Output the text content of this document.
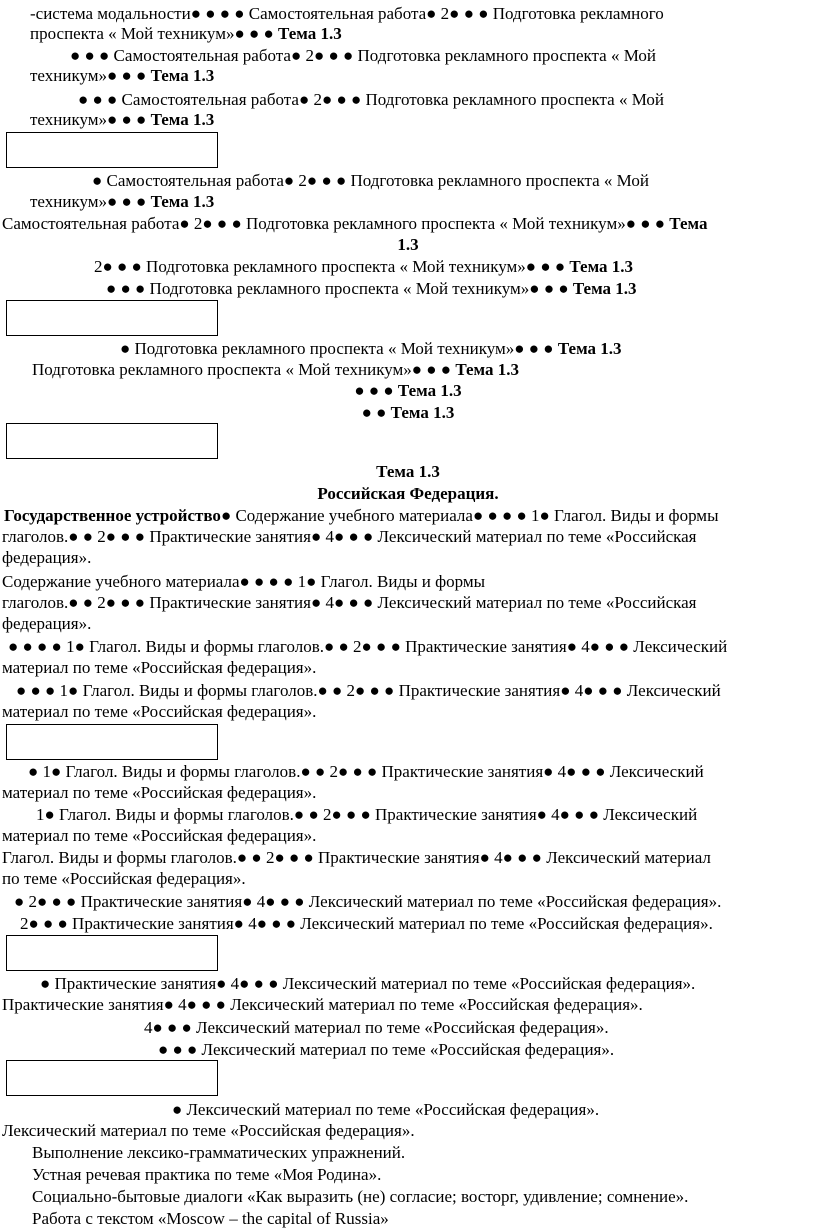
-система модальности● ● ● ● Самостоятельная работа● 2● ● ● Подготовка рекламного
проспекта « Мой техникум»● ● ● Тема 1.3
● ● ● Самостоятельная работа● 2● ● ● Подготовка рекламного проспекта « Мой
техникум»● ● ● Тема 1.3
● ● ● Самостоятельная работа● 2● ● ● Подготовка рекламного проспекта « Мой
техникум»● ● ● Тема 1.3
● Самостоятельная работа● 2● ● ● Подготовка рекламного проспекта « Мой
техникум»● ● ● Тема 1.3
Самостоятельная работа● 2● ● ● Подготовка рекламного проспекта « Мой техникум»● ● ● Тема
1.3
2● ● ● Подготовка рекламного проспекта « Мой техникум»● ● ● Тема 1.3
● ● ● Подготовка рекламного проспекта « Мой техникум»● ● ● Тема 1.3
● Подготовка рекламного проспекта « Мой техникум»● ● ● Тема 1.3
Подготовка рекламного проспекта « Мой техникум»● ● ● Тема 1.3
● ● ● Тема 1.3
● ● Тема 1.3
Тема 1.3
Российская Федерация.
Государственное устройство● Содержание учебного материала● ● ● ● 1● Глагол. Виды и формы
глаголов.● ● 2● ● ● Практические занятия● 4● ● ● Лексический материал по теме «Российская
федерация».
Содержание учебного материала● ● ● ● 1● Глагол. Виды и формы
глаголов.● ● 2● ● ● Практические занятия● 4● ● ● Лексический материал по теме «Российская
федерация».
● ● ● ● 1● Глагол. Виды и формы глаголов.● ● 2● ● ● Практические занятия● 4● ● ● Лексический
материал по теме «Российская федерация».
● ● ● 1● Глагол. Виды и формы глаголов.● ● 2● ● ● Практические занятия● 4● ● ● Лексический
материал по теме «Российская федерация».
● 1● Глагол. Виды и формы глаголов.● ● 2● ● ● Практические занятия● 4● ● ● Лексический
материал по теме «Российская федерация».
1● Глагол. Виды и формы глаголов.● ● 2● ● ● Практические занятия● 4● ● ● Лексический
материал по теме «Российская федерация».
Глагол. Виды и формы глаголов.● ● 2● ● ● Практические занятия● 4● ● ● Лексический материал
по теме «Российская федерация».
● 2● ● ● Практические занятия● 4● ● ● Лексический материал по теме «Российская федерация».
2● ● ● Практические занятия● 4● ● ● Лексический материал по теме «Российская федерация».
● Практические занятия● 4● ● ● Лексический материал по теме «Российская федерация».
Практические занятия● 4● ● ● Лексический материал по теме «Российская федерация».
4● ● ● Лексический материал по теме «Российская федерация».
● ● ● Лексический материал по теме «Российская федерация».
● Лексический материал по теме «Российская федерация».
Лексический материал по теме «Российская федерация».
Выполнение лексико-грамматических упражнений.
Устная речевая практика по теме «Моя Родина».
Социально-бытовые диалоги «Как выразить (не) согласие; восторг, удивление; сомнение».
Работа с текстом «Moscow – the capital of Russia»
